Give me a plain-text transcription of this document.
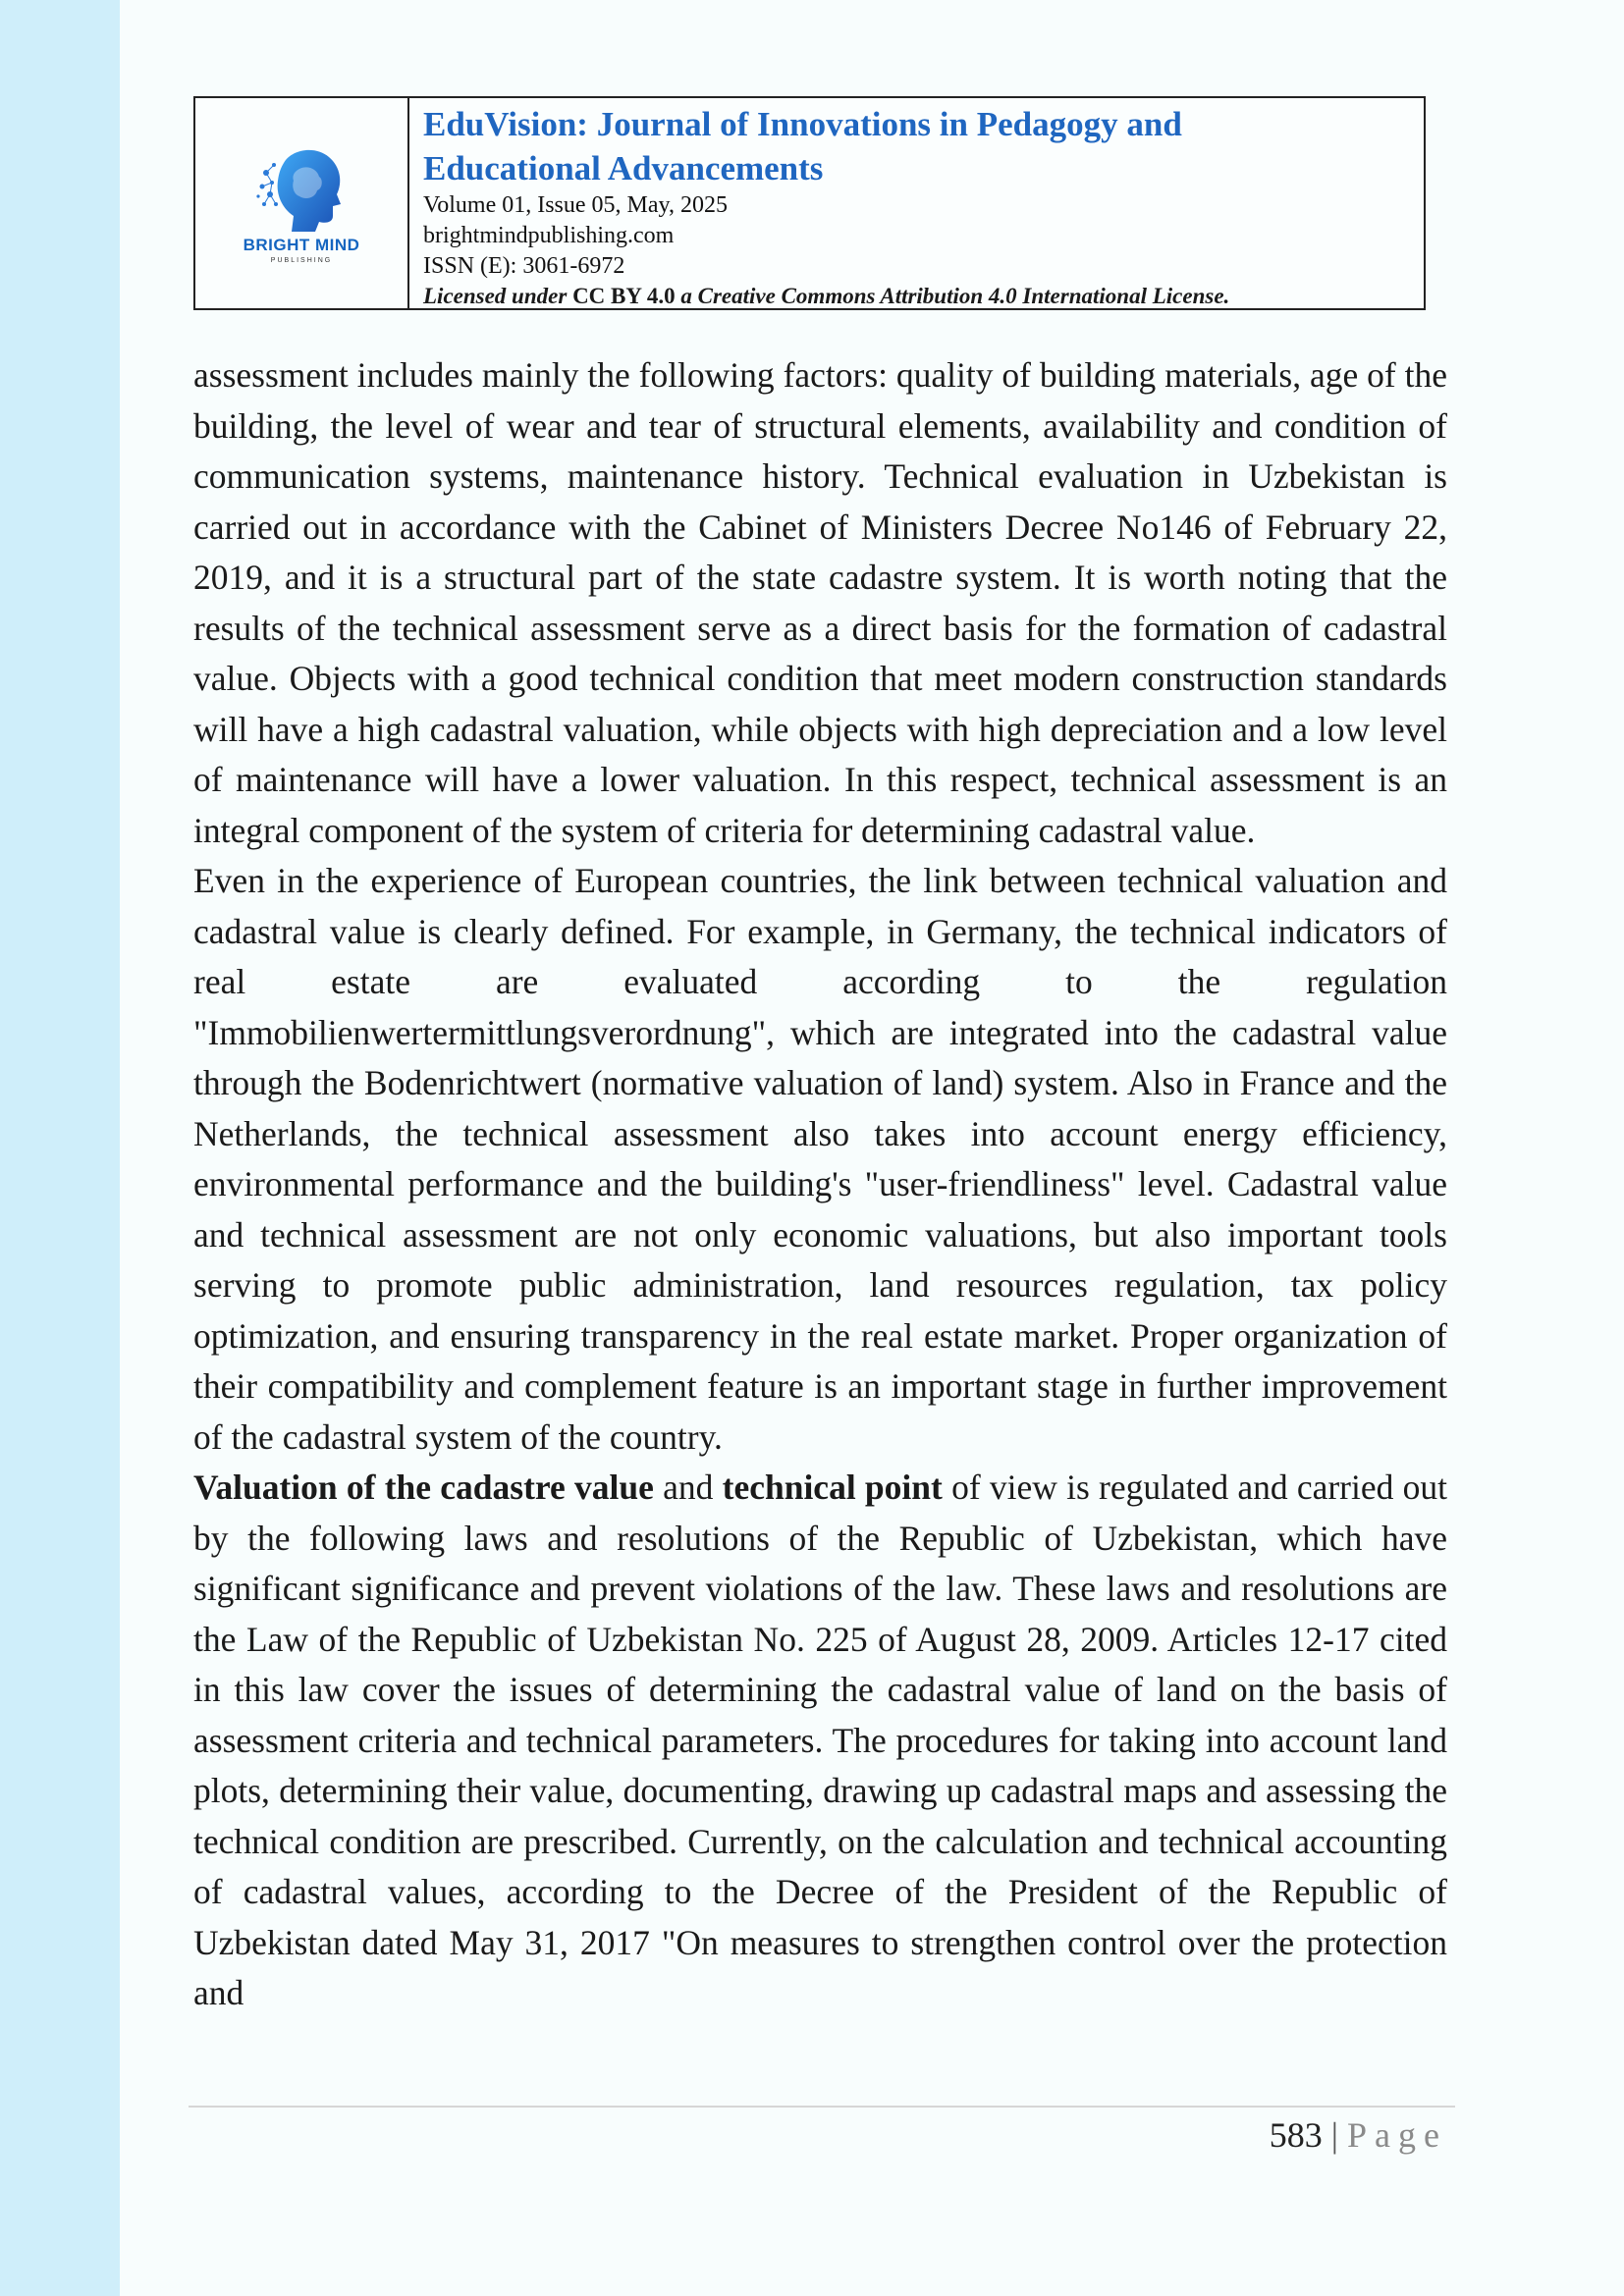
BRIGHT MIND
PUBLISHING
EduVision: Journal of Innovations in Pedagogy and
Educational Advancements
Volume 01, Issue 05, May, 2025
brightmindpublishing.com
ISSN (E): 3061-6972
Licensed under CC BY 4.0 a Creative Commons Attribution 4.0 International License.

assessment includes mainly the following factors: quality of building materials, age of the building, the level of wear and tear of structural elements, availability and condition of communication systems, maintenance history. Technical evaluation in Uzbekistan is carried out in accordance with the Cabinet of Ministers Decree No146 of February 22, 2019, and it is a structural part of the state cadastre system. It is worth noting that the results of the technical assessment serve as a direct basis for the formation of cadastral value. Objects with a good technical condition that meet modern construction standards will have a high cadastral valuation, while objects with high depreciation and a low level of maintenance will have a lower valuation. In this respect, technical assessment is an integral component of the system of criteria for determining cadastral value.

Even in the experience of European countries, the link between technical valuation and cadastral value is clearly defined. For example, in Germany, the technical indicators of real estate are evaluated according to the regulation "Immobilienwertermittlungsverordnung", which are integrated into the cadastral value through the Bodenrichtwert (normative valuation of land) system. Also in France and the Netherlands, the technical assessment also takes into account energy efficiency, environmental performance and the building's "user-friendliness" level. Cadastral value and technical assessment are not only economic valuations, but also important tools serving to promote public administration, land resources regulation, tax policy optimization, and ensuring transparency in the real estate market. Proper organization of their compatibility and complement feature is an important stage in further improvement of the cadastral system of the country.

Valuation of the cadastre value and technical point of view is regulated and carried out by the following laws and resolutions of the Republic of Uzbekistan, which have significant significance and prevent violations of the law. These laws and resolutions are the Law of the Republic of Uzbekistan No. 225 of August 28, 2009. Articles 12-17 cited in this law cover the issues of determining the cadastral value of land on the basis of assessment criteria and technical parameters. The procedures for taking into account land plots, determining their value, documenting, drawing up cadastral maps and assessing the technical condition are prescribed. Currently, on the calculation and technical accounting of cadastral values, according to the Decree of the President of the Republic of Uzbekistan dated May 31, 2017 "On measures to strengthen control over the protection and

583 | Page
